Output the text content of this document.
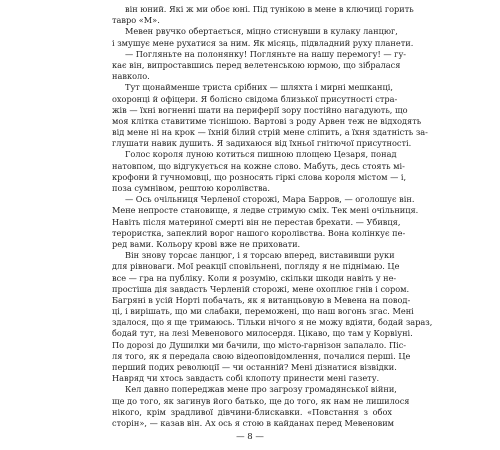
він юний. Які ж ми обоє юні. Під тунікою в мене в ключиці горить
тавро «М».
Мевен рвучко обертається, міцно стиснувши в кулаку ланцюг,
і змушує мене рухатися за ним. Як місяць, підвладний руху планети.
— Погляньте на полонянку! Погляньте на нашу перемогу! — гу-
кає він, випроставшись перед велетенською юрмою, що зібралася
навколо.
Тут щонайменше триста срібних — шляхта і мирні мешканці,
охоронці й офіцери. Я болісно свідома близької присутності стра-
жів — їхні вогненні шати на периферії зору постійно нагадують, що
моя клітка ставитиме тіснішою. Вартові з роду Арвен теж не відходять
від мене ні на крок — їхній білий стрій мене сліпить, а їхня здатність за-
глушати навик душить. Я задихаюся від їхньої гнітючої присутності.
Голос короля луною котиться пишною площею Цезаря, понад
натовпом, що відгукується на кожне слово. Мабуть, десь стоять мі-
крофони й гучномовці, що розносять гіркі слова короля містом — і,
поза сумнівом, рештою королівства.
— Ось очільниця Черленої сторожі, Мара Барров, — оголошує він.
Мене непросте становище, я ледве стримую сміх. Тек мені очільниця.
Навіть після материної смерті він не перестав брехати. — Убивця,
терористка, запеклий ворог нашого королівства. Вона колінкує пе-
ред вами. Кольору крові вже не приховати.
Він знову торсає ланцюг, і я торсаю вперед, виставивши руки
для рівноваги. Мої реакції сповільнені, погляду я не піднімаю. Це
все — гра на публіку. Коли я розумію, скільки шкоди навіть у не-
простіша дія завдасть Черленій сторожі, мене охоплює гнів і сором.
Багряні в усій Норті побачать, як я витанцьовую в Мевена на повод-
ці, і вирішать, що ми слабаки, переможені, що наш вогонь згас. Мені
здалося, що я ще тримаюсь. Тільки нічого я не можу вдіяти, бодай зараз,
бодай тут, на лезі Мевенового милосердя. Цікаво, що там у Корвіуні.
По дорозі до Душилки ми бачили, що місто-гарнізон запалало. Піс-
ля того, як я передала свою відеоповідомлення, почалися перші. Це
перший подих революції — чи останній? Мені дізнатися візвідки.
Навряд чи хтось завдасть собі клопоту принести мені газету.
Кел давно попереджав мене про загрозу громадянської війни,
ще до того, як загинув його батько, ще до того, як нам не лишилося
нікого, крім зрадливої дівчини-блискавки. «Повстання з обох
сторін», — казав він. Ах ось я стою в кайданах перед Мевеновим
— 8 —
